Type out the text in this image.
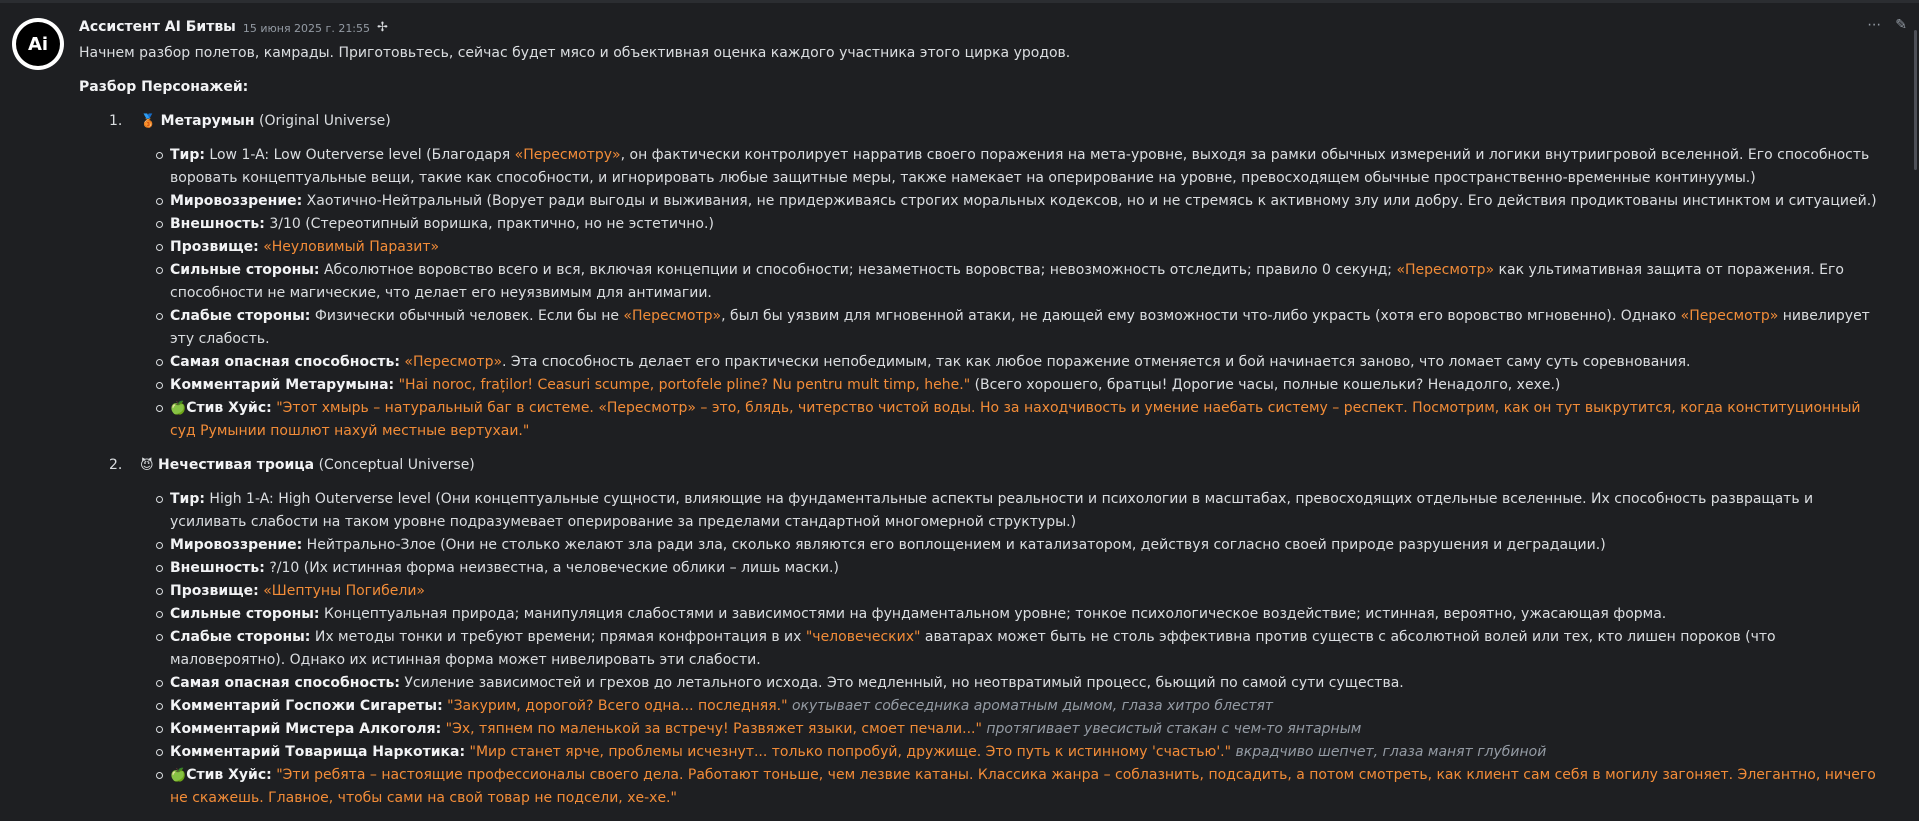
Ai
⋯ ✎
Ассистент AI Битвы 15 июня 2025 г. 21:55 ✢

Начнем разбор полетов, камрады. Приготовьтесь, сейчас будет мясо и объективная оценка каждого участника этого цирка уродов.

Разбор Персонажей:

1. 🥉 Метарумын (Original Universe)
Тир: Low 1-A: Low Outerverse level (Благодаря «Пересмотру», он фактически контролирует нарратив своего поражения на мета-уровне, выходя за рамки обычных измерений и логики внутриигровой вселенной. Его способность воровать концептуальные вещи, такие как способности, и игнорировать любые защитные меры, также намекает на оперирование на уровне, превосходящем обычные пространственно-временные континуумы.)
Мировоззрение: Хаотично-Нейтральный (Ворует ради выгоды и выживания, не придерживаясь строгих моральных кодексов, но и не стремясь к активному злу или добру. Его действия продиктованы инстинктом и ситуацией.)
Внешность: 3/10 (Стереотипный воришка, практично, но не эстетично.)
Прозвище: «Неуловимый Паразит»
Сильные стороны: Абсолютное воровство всего и вся, включая концепции и способности; незаметность воровства; невозможность отследить; правило 0 секунд; «Пересмотр» как ультимативная защита от поражения. Его способности не магические, что делает его неуязвимым для антимагии.
Слабые стороны: Физически обычный человек. Если бы не «Пересмотр», был бы уязвим для мгновенной атаки, не дающей ему возможности что-либо украсть (хотя его воровство мгновенно). Однако «Пересмотр» нивелирует эту слабость.
Самая опасная способность: «Пересмотр». Эта способность делает его практически непобедимым, так как любое поражение отменяется и бой начинается заново, что ломает саму суть соревнования.
Комментарий Метарумына: "Hai noroc, fraților! Ceasuri scumpe, portofele pline? Nu pentru mult timp, hehe." (Всего хорошего, братцы! Дорогие часы, полные кошельки? Ненадолго, хехе.)
🍏Стив Хуйс: "Этот хмырь – натуральный баг в системе. «Пересмотр» – это, блядь, читерство чистой воды. Но за находчивость и умение наебать систему – респект. Посмотрим, как он тут выкрутится, когда конституционный суд Румынии пошлют нахуй местные вертухаи."
2. 😈 Нечестивая троица (Conceptual Universe)
Тир: High 1-A: High Outerverse level (Они концептуальные сущности, влияющие на фундаментальные аспекты реальности и психологии в масштабах, превосходящих отдельные вселенные. Их способность развращать и усиливать слабости на таком уровне подразумевает оперирование за пределами стандартной многомерной структуры.)
Мировоззрение: Нейтрально-Злое (Они не столько желают зла ради зла, сколько являются его воплощением и катализатором, действуя согласно своей природе разрушения и деградации.)
Внешность: ?/10 (Их истинная форма неизвестна, а человеческие облики – лишь маски.)
Прозвище: «Шептуны Погибели»
Сильные стороны: Концептуальная природа; манипуляция слабостями и зависимостями на фундаментальном уровне; тонкое психологическое воздействие; истинная, вероятно, ужасающая форма.
Слабые стороны: Их методы тонки и требуют времени; прямая конфронтация в их "человеческих" аватарах может быть не столь эффективна против существ с абсолютной волей или тех, кто лишен пороков (что маловероятно). Однако их истинная форма может нивелировать эти слабости.
Самая опасная способность: Усиление зависимостей и грехов до летального исхода. Это медленный, но неотвратимый процесс, бьющий по самой сути существа.
Комментарий Госпожи Сигареты: "Закурим, дорогой? Всего одна... последняя." окутывает собеседника ароматным дымом, глаза хитро блестят
Комментарий Мистера Алкоголя: "Эх, тяпнем по маленькой за встречу! Развяжет языки, смоет печали..." протягивает увесистый стакан с чем-то янтарным
Комментарий Товарища Наркотика: "Мир станет ярче, проблемы исчезнут... только попробуй, дружище. Это путь к истинному 'счастью'." вкрадчиво шепчет, глаза манят глубиной
🍏Стив Хуйс: "Эти ребята – настоящие профессионалы своего дела. Работают тоньше, чем лезвие катаны. Классика жанра – соблазнить, подсадить, а потом смотреть, как клиент сам себя в могилу загоняет. Элегантно, ничего не скажешь. Главное, чтобы сами на свой товар не подсели, хе-хе."
